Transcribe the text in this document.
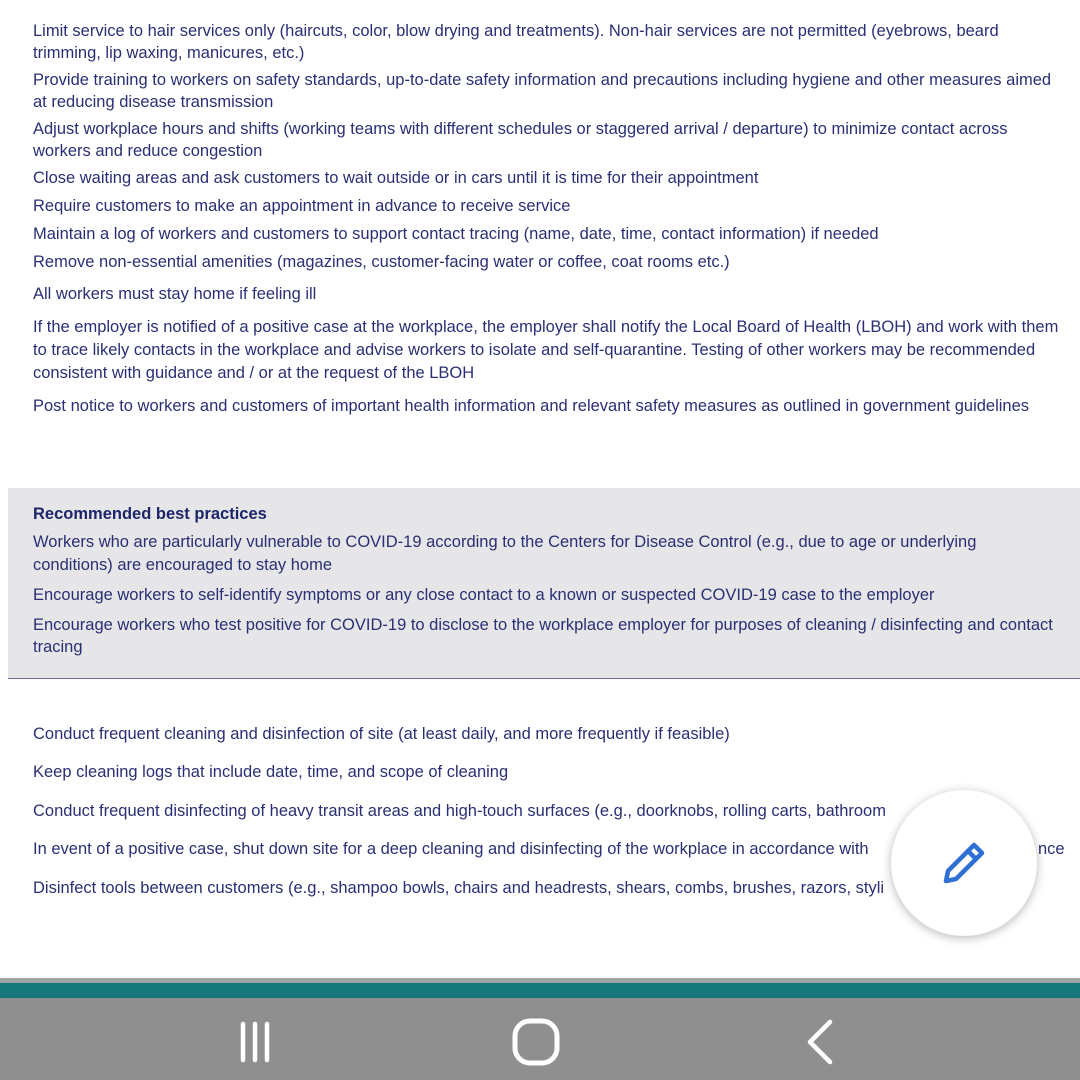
Limit service to hair services only (haircuts, color, blow drying and treatments). Non-hair services are not permitted (eyebrows, beard trimming, lip waxing, manicures, etc.)
Provide training to workers on safety standards, up-to-date safety information and precautions including hygiene and other measures aimed at reducing disease transmission
Adjust workplace hours and shifts (working teams with different schedules or staggered arrival / departure) to minimize contact across workers and reduce congestion
Close waiting areas and ask customers to wait outside or in cars until it is time for their appointment
Require customers to make an appointment in advance to receive service
Maintain a log of workers and customers to support contact tracing (name, date, time, contact information) if needed
Remove non-essential amenities (magazines, customer-facing water or coffee, coat rooms etc.)
All workers must stay home if feeling ill
If the employer is notified of a positive case at the workplace, the employer shall notify the Local Board of Health (LBOH) and work with them to trace likely contacts in the workplace and advise workers to isolate and self-quarantine. Testing of other workers may be recommended consistent with guidance and / or at the request of the LBOH
Post notice to workers and customers of important health information and relevant safety measures as outlined in government guidelines
Recommended best practices
Workers who are particularly vulnerable to COVID-19 according to the Centers for Disease Control (e.g., due to age or underlying conditions) are encouraged to stay home
Encourage workers to self-identify symptoms or any close contact to a known or suspected COVID-19 case to the employer
Encourage workers who test positive for COVID-19 to disclose to the workplace employer for purposes of cleaning / disinfecting and contact tracing
Conduct frequent cleaning and disinfection of site (at least daily, and more frequently if feasible)
Keep cleaning logs that include date, time, and scope of cleaning
Conduct frequent disinfecting of heavy transit areas and high-touch surfaces (e.g., doorknobs, rolling carts, bathroom
In event of a positive case, shut down site for a deep cleaning and disinfecting of the workplace in accordance with	nce
Disinfect tools between customers (e.g., shampoo bowls, chairs and headrests, shears, combs, brushes, razors, styli
